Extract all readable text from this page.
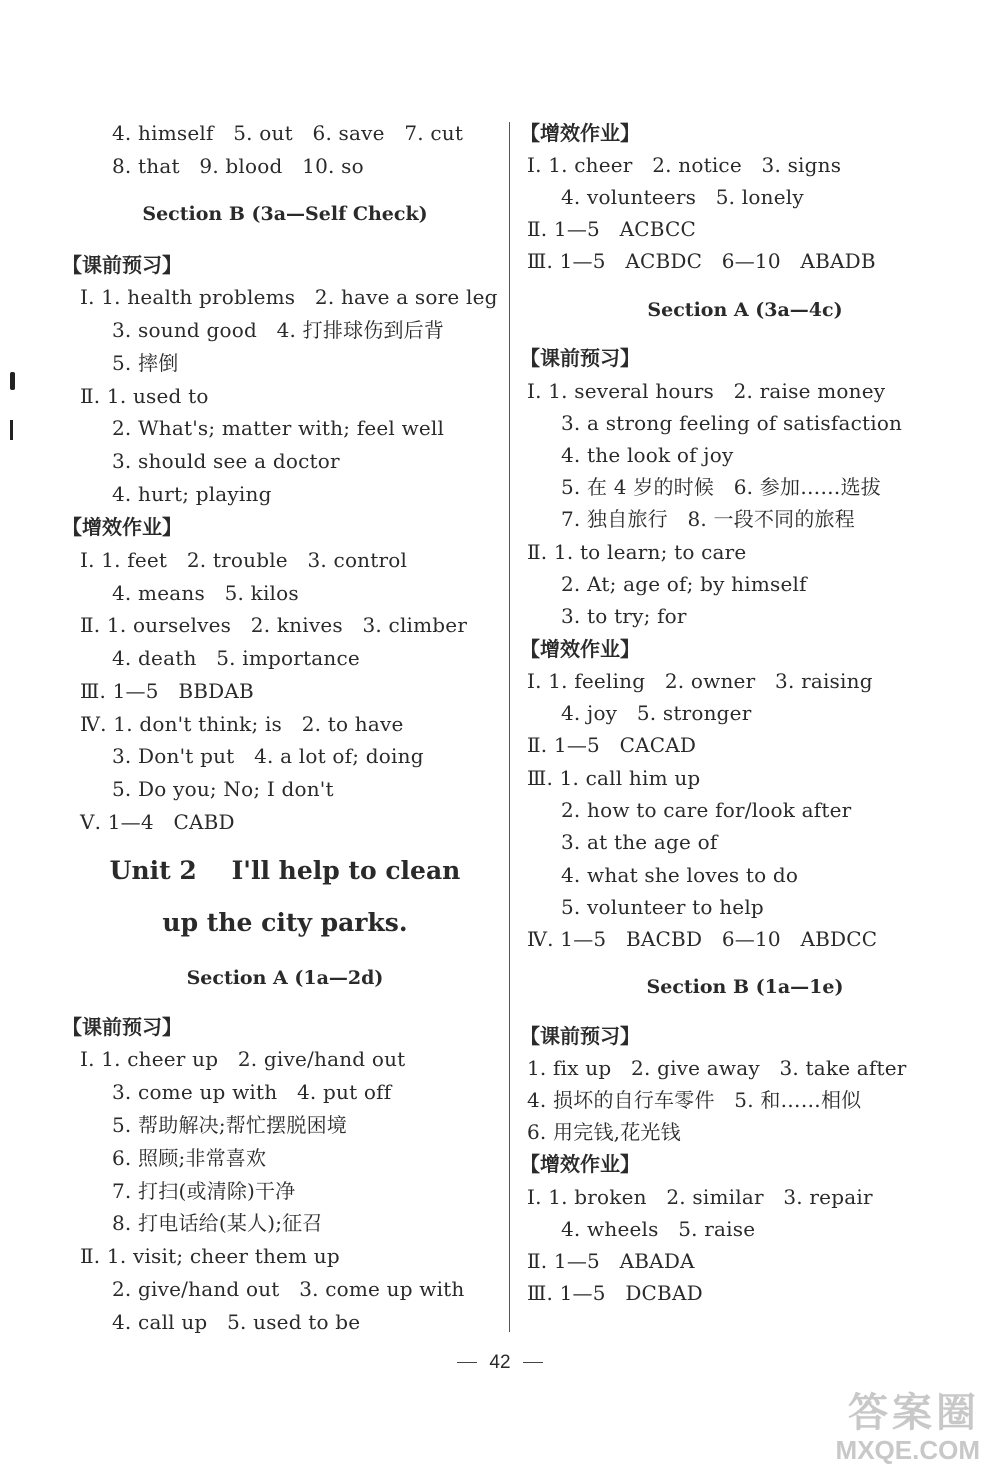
4. himself   5. out   6. save   7. cut
8. that   9. blood   10. so
Section B (3a—Self Check)
【课前预习】
Ⅰ. 1. health problems   2. have a sore leg
3. sound good   4. 打排球伤到后背
5. 摔倒
Ⅱ. 1. used to
2. What's; matter with; feel well
3. should see a doctor
4. hurt; playing
【增效作业】
Ⅰ. 1. feet   2. trouble   3. control
4. means   5. kilos
Ⅱ. 1. ourselves   2. knives   3. climber
4. death   5. importance
Ⅲ. 1—5   BBDAB
Ⅳ. 1. don't think; is   2. to have
3. Don't put   4. a lot of; doing
5. Do you; No; I don't
Ⅴ. 1—4   CABD
Unit 2    I'll help to clean
up the city parks.
Section A (1a—2d)
【课前预习】
Ⅰ. 1. cheer up   2. give/hand out
3. come up with   4. put off
5. 帮助解决;帮忙摆脱困境
6. 照顾;非常喜欢
7. 打扫(或清除)干净
8. 打电话给(某人);征召
Ⅱ. 1. visit; cheer them up
2. give/hand out   3. come up with
4. call up   5. used to be
【增效作业】
Ⅰ. 1. cheer   2. notice   3. signs
4. volunteers   5. lonely
Ⅱ. 1—5   ACBCC
Ⅲ. 1—5   ACBDC   6—10   ABADB
Section A (3a—4c)
【课前预习】
Ⅰ. 1. several hours   2. raise money
3. a strong feeling of satisfaction
4. the look of joy
5. 在 4 岁的时候   6. 参加……选拔
7. 独自旅行   8. 一段不同的旅程
Ⅱ. 1. to learn; to care
2. At; age of; by himself
3. to try; for
【增效作业】
Ⅰ. 1. feeling   2. owner   3. raising
4. joy   5. stronger
Ⅱ. 1—5   CACAD
Ⅲ. 1. call him up
2. how to care for/look after
3. at the age of
4. what she loves to do
5. volunteer to help
Ⅳ. 1—5   BACBD   6—10   ABDCC
Section B (1a—1e)
【课前预习】
1. fix up   2. give away   3. take after
4. 损坏的自行车零件   5. 和……相似
6. 用完钱,花光钱
【增效作业】
Ⅰ. 1. broken   2. similar   3. repair
4. wheels   5. raise
Ⅱ. 1—5   ABADA
Ⅲ. 1—5   DCBAD
42
答案圈
MXQE.COM
